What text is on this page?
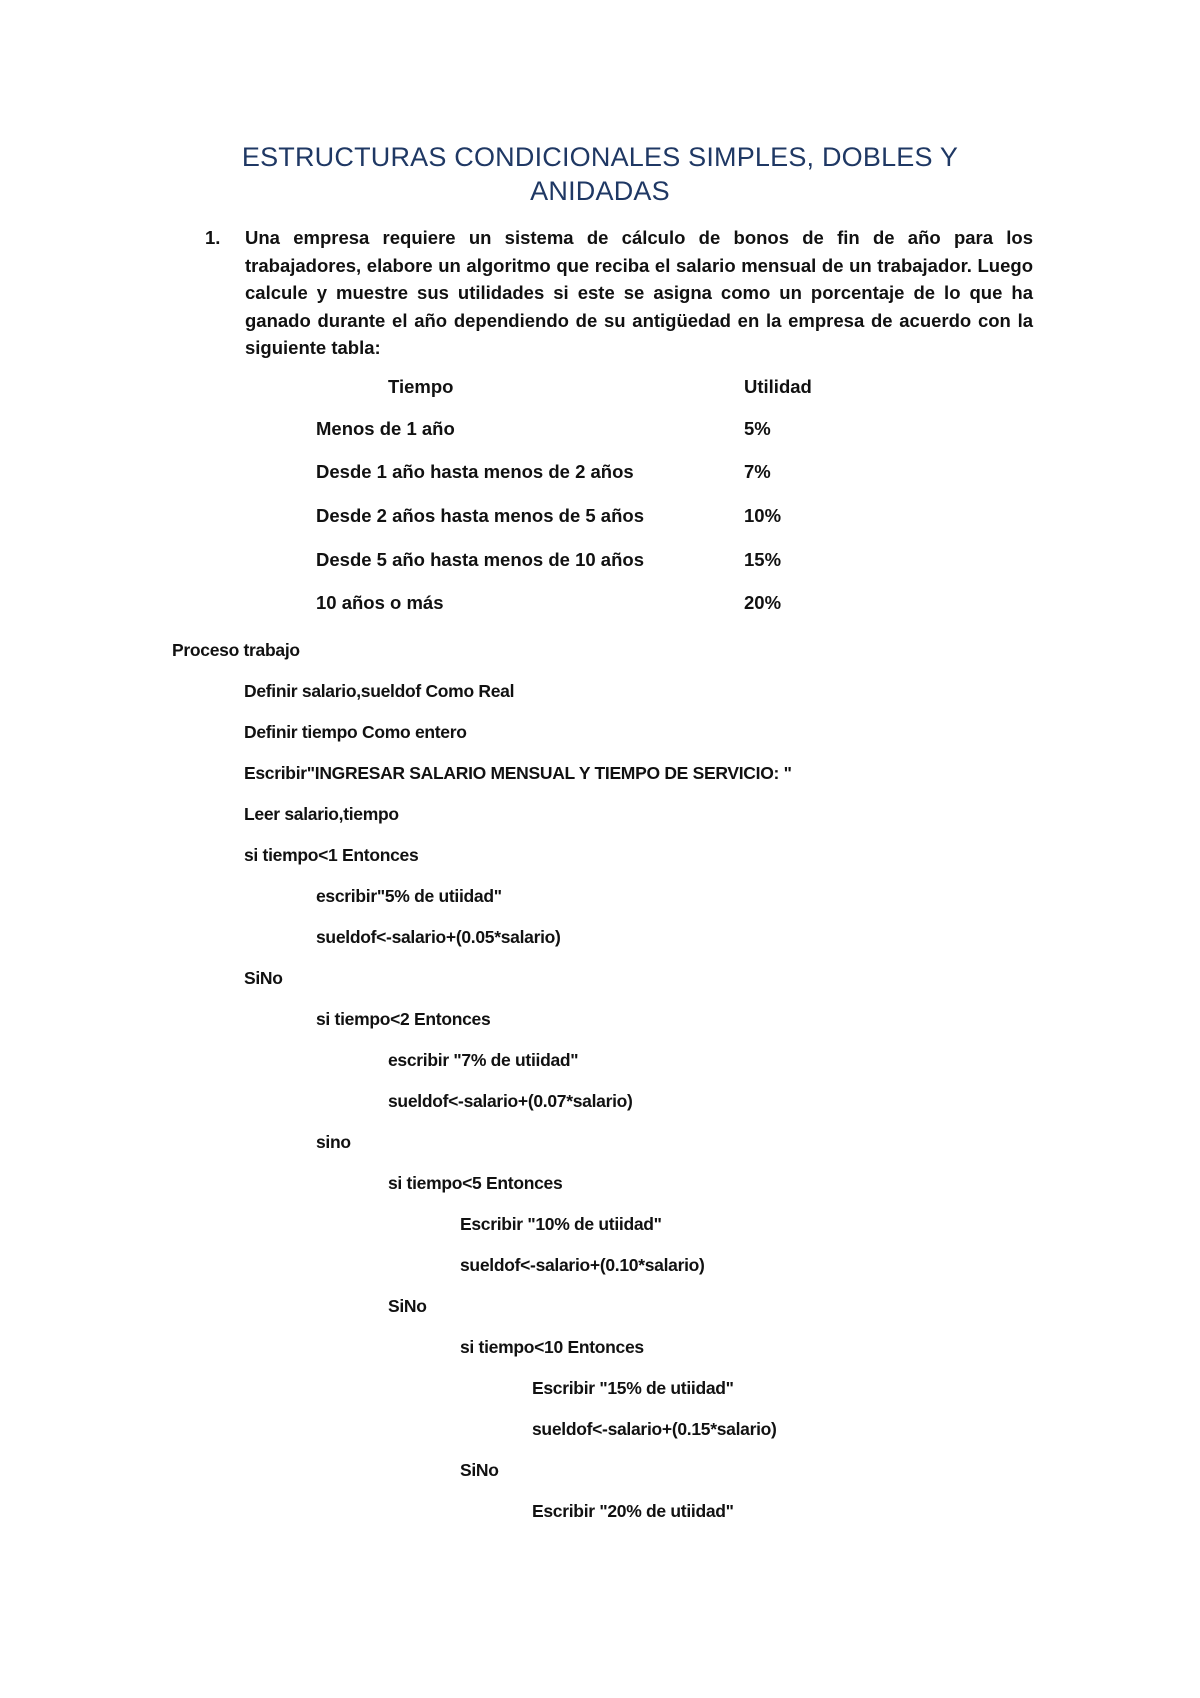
ESTRUCTURAS CONDICIONALES SIMPLES, DOBLES Y
ANIDADAS
1.	Una empresa requiere un sistema de cálculo de bonos de fin de año para los trabajadores, elabore un algoritmo que reciba el salario mensual de un trabajador. Luego calcule y muestre sus utilidades si este se asigna como un porcentaje de lo que ha ganado durante el año dependiendo de su antigüedad en la empresa de acuerdo con la siguiente tabla:
Tiempo	Utilidad
Menos de 1 año	5%
Desde 1 año hasta menos de 2 años	7%
Desde 2 años hasta menos de 5 años	10%
Desde 5 año hasta menos de 10 años	15%
10 años o más	20%
Proceso trabajo
Definir salario,sueldof Como Real
Definir tiempo Como entero
Escribir"INGRESAR SALARIO MENSUAL Y TIEMPO DE SERVICIO: "
Leer salario,tiempo
si tiempo<1 Entonces
escribir"5% de utiidad"
sueldof<-salario+(0.05*salario)
SiNo
si tiempo<2 Entonces
escribir "7% de utiidad"
sueldof<-salario+(0.07*salario)
sino
si tiempo<5 Entonces
Escribir "10% de utiidad"
sueldof<-salario+(0.10*salario)
SiNo
si tiempo<10 Entonces
Escribir "15% de utiidad"
sueldof<-salario+(0.15*salario)
SiNo
Escribir "20% de utiidad"
